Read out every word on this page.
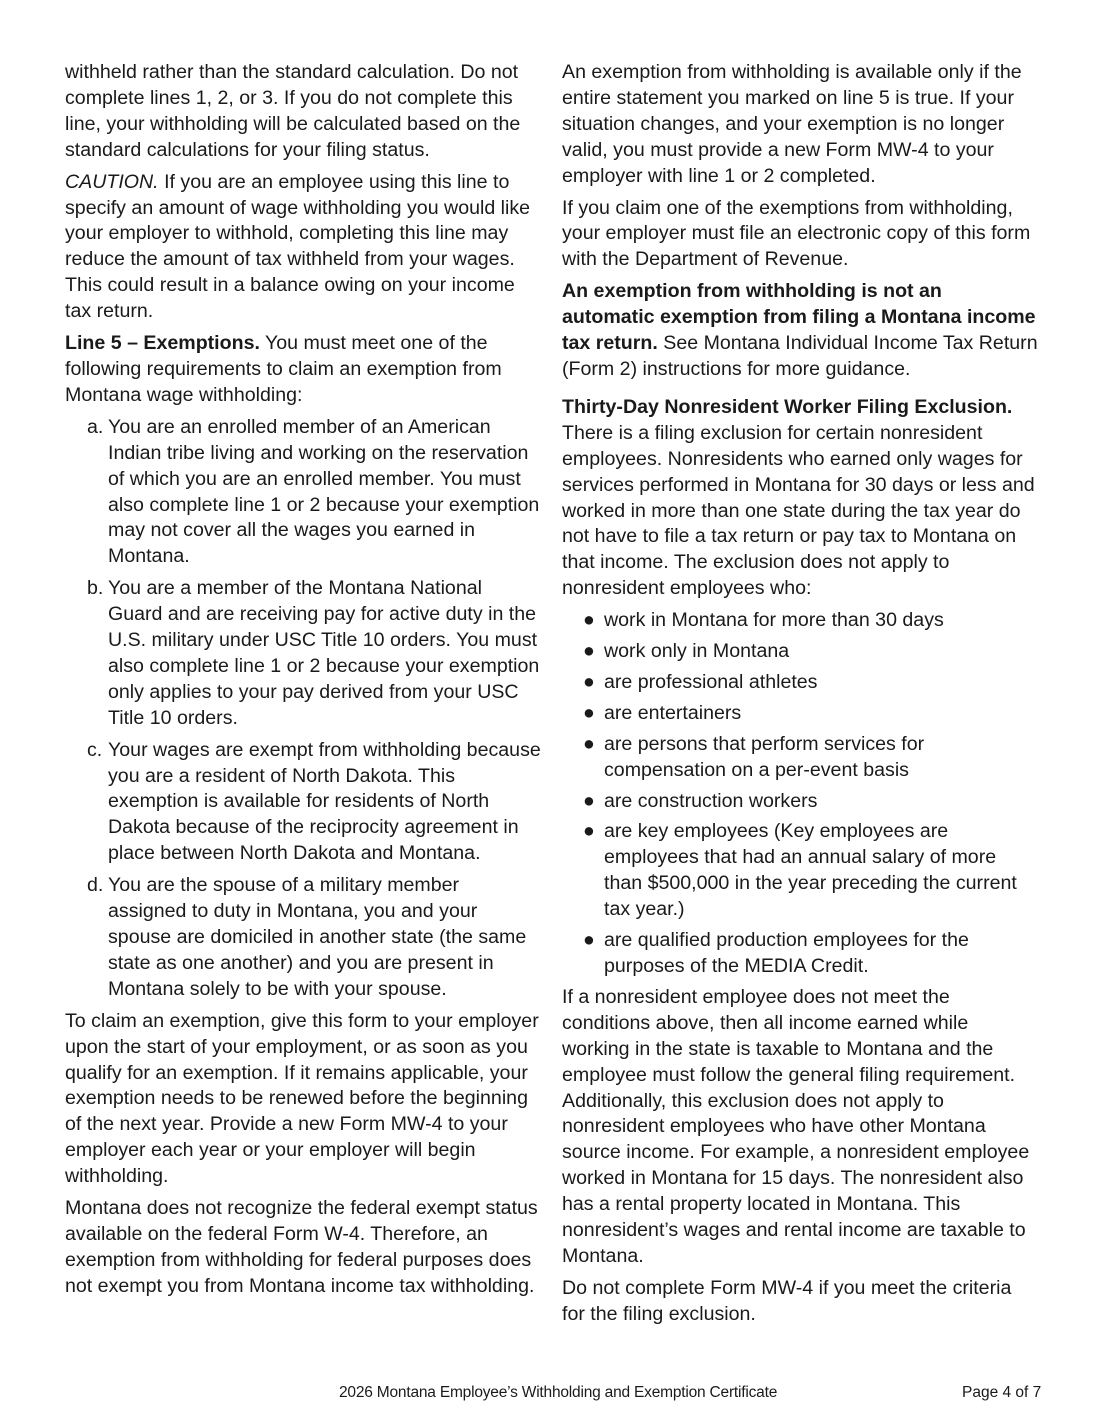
withheld rather than the standard calculation. Do not complete lines 1, 2, or 3. If you do not complete this line, your withholding will be calculated based on the standard calculations for your filing status.

CAUTION. If you are an employee using this line to specify an amount of wage withholding you would like your employer to withhold, completing this line may reduce the amount of tax withheld from your wages. This could result in a balance owing on your income tax return.

Line 5 – Exemptions. You must meet one of the following requirements to claim an exemption from Montana wage withholding:

a. You are an enrolled member of an American Indian tribe living and working on the reservation of which you are an enrolled member. You must also complete line 1 or 2 because your exemption may not cover all the wages you earned in Montana.
b. You are a member of the Montana National Guard and are receiving pay for active duty in the U.S. military under USC Title 10 orders. You must also complete line 1 or 2 because your exemption only applies to your pay derived from your USC Title 10 orders.
c. Your wages are exempt from withholding because you are a resident of North Dakota. This exemption is available for residents of North Dakota because of the reciprocity agreement in place between North Dakota and Montana.
d. You are the spouse of a military member assigned to duty in Montana, you and your spouse are domiciled in another state (the same state as one another) and you are present in Montana solely to be with your spouse.

To claim an exemption, give this form to your employer upon the start of your employment, or as soon as you qualify for an exemption. If it remains applicable, your exemption needs to be renewed before the beginning of the next year. Provide a new Form MW-4 to your employer each year or your employer will begin withholding.

Montana does not recognize the federal exempt status available on the federal Form W-4. Therefore, an exemption from withholding for federal purposes does not exempt you from Montana income tax withholding.

An exemption from withholding is available only if the entire statement you marked on line 5 is true. If your situation changes, and your exemption is no longer valid, you must provide a new Form MW-4 to your employer with line 1 or 2 completed.

If you claim one of the exemptions from withholding, your employer must file an electronic copy of this form with the Department of Revenue.

An exemption from withholding is not an automatic exemption from filing a Montana income tax return. See Montana Individual Income Tax Return (Form 2) instructions for more guidance.

Thirty-Day Nonresident Worker Filing Exclusion. There is a filing exclusion for certain nonresident employees. Nonresidents who earned only wages for services performed in Montana for 30 days or less and worked in more than one state during the tax year do not have to file a tax return or pay tax to Montana on that income. The exclusion does not apply to nonresident employees who:

● work in Montana for more than 30 days
● work only in Montana
● are professional athletes
● are entertainers
● are persons that perform services for compensation on a per-event basis
● are construction workers
● are key employees (Key employees are employees that had an annual salary of more than $500,000 in the year preceding the current tax year.)
● are qualified production employees for the purposes of the MEDIA Credit.

If a nonresident employee does not meet the conditions above, then all income earned while working in the state is taxable to Montana and the employee must follow the general filing requirement. Additionally, this exclusion does not apply to nonresident employees who have other Montana source income. For example, a nonresident employee worked in Montana for 15 days. The nonresident also has a rental property located in Montana. This nonresident’s wages and rental income are taxable to Montana.

Do not complete Form MW-4 if you meet the criteria for the filing exclusion.

2026 Montana Employee’s Withholding and Exemption Certificate	Page 4 of 7
